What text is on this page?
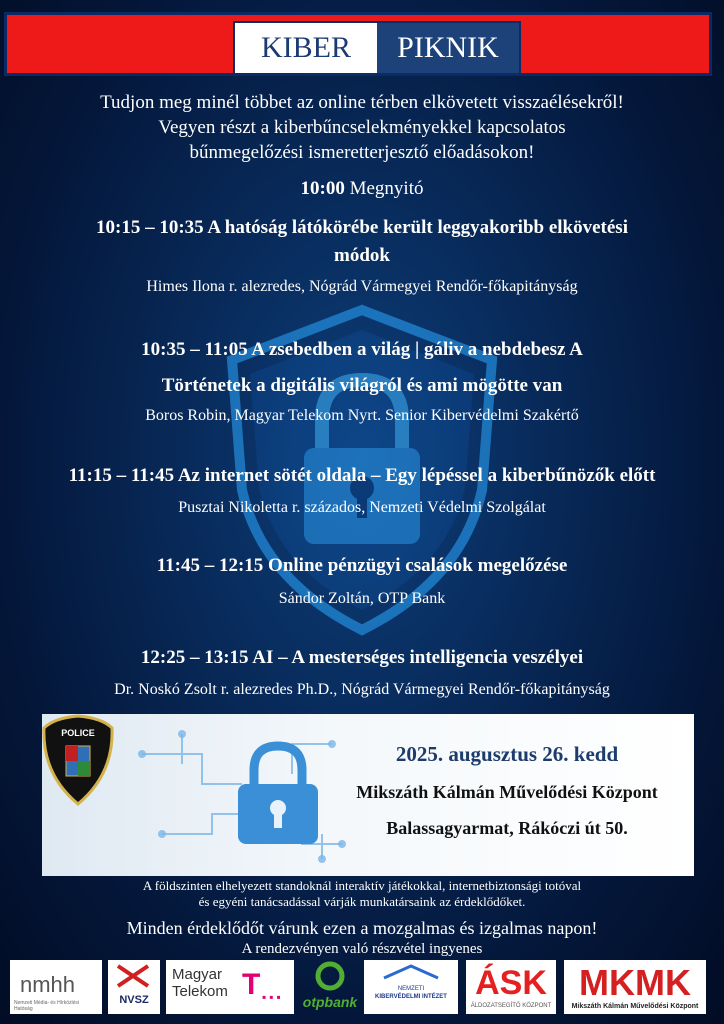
KIBER	PIKNIK
Tudjon meg minél többet az online térben elkövetett visszaélésekről!
Vegyen részt a kiberbűncselekményekkel kapcsolatos
bűnmegelőzési ismeretterjesztő előadásokon!
10:00 Megnyitó
10:15 – 10:35 A hatóság látókörébe került leggyakoribb elkövetési
módok
Himes Ilona r. alezredes, Nógrád Vármegyei Rendőr-főkapitányság
10:35 – 11:05 A zsebedben a világ | gáliv a nebdebesz A
Történetek a digitális világról és ami mögötte van
Boros Robin, Magyar Telekom Nyrt. Senior Kibervédelmi Szakértő
11:15 – 11:45 Az internet sötét oldala – Egy lépéssel a kiberbűnözők előtt
Pusztai Nikoletta r. százados, Nemzeti Védelmi Szolgálat
11:45 – 12:15 Online pénzügyi csalások megelőzése
Sándor Zoltán, OTP Bank
12:25 – 13:15 AI – A mesterséges intelligencia veszélyei
Dr. Noskó Zsolt r. alezredes Ph.D., Nógrád Vármegyei Rendőr-főkapitányság
POLICE
2025. augusztus 26. kedd
Mikszáth Kálmán Művelődési Központ
Balassagyarmat, Rákóczi út 50.
A földszinten elhelyezett standoknál interaktív játékokkal, internetbiztonsági totóval
és egyéni tanácsadással várják munkatársaink az érdeklődőket.
Minden érdeklődőt várunk ezen a mozgalmas és izgalmas napon!
A rendezvényen való részvétel ingyenes
nmhh
Nemzeti Média- és Hírközlési Hatóság
NVSZ
Magyar
Telekom T ▪▪▪ otpbank
NEMZETI
KIBERVÉDELMI INTÉZET ÁSK
ÁLDOZATSEGÍTŐ KÖZPONT
MKMK
Mikszáth Kálmán Művelődési Központ
